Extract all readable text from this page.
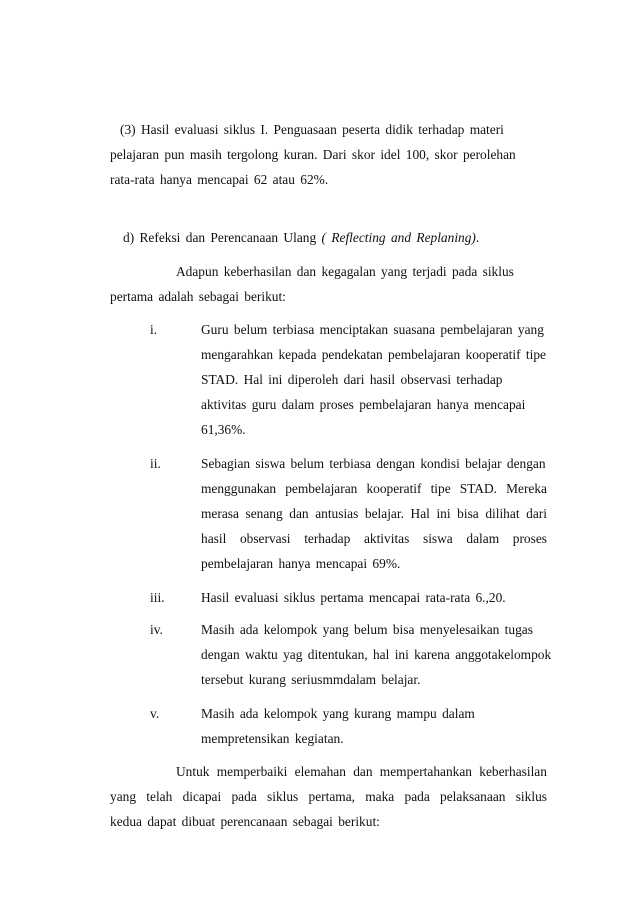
(3) Hasil evaluasi siklus I. Penguasaan peserta didik terhadap materi
pelajaran pun masih tergolong kuran. Dari skor idel 100, skor perolehan
rata-rata hanya mencapai 62 atau 62%.
d) Refeksi dan Perencanaan Ulang ( Reflecting and Replaning).
Adapun keberhasilan dan kegagalan yang terjadi pada siklus
pertama adalah sebagai berikut:
i.	Guru belum terbiasa menciptakan suasana pembelajaran yang
mengarahkan kepada pendekatan pembelajaran kooperatif tipe
STAD. Hal ini diperoleh dari hasil observasi terhadap
aktivitas guru dalam proses pembelajaran hanya mencapai
61,36%.
ii.	Sebagian siswa belum terbiasa dengan kondisi belajar dengan
menggunakan pembelajaran kooperatif tipe STAD. Mereka
merasa senang dan antusias belajar. Hal ini bisa dilihat dari
hasil observasi terhadap aktivitas siswa dalam proses
pembelajaran hanya mencapai 69%.
iii.	Hasil evaluasi siklus pertama mencapai rata-rata 6.,20.
iv.	Masih ada kelompok yang belum bisa menyelesaikan tugas
dengan waktu yag ditentukan, hal ini karena anggotakelompok
tersebut kurang seriusmmdalam belajar.
v.	Masih ada kelompok yang kurang mampu dalam
mempretensikan kegiatan.
Untuk memperbaiki elemahan dan mempertahankan keberhasilan
yang telah dicapai pada siklus pertama, maka pada pelaksanaan siklus
kedua dapat dibuat perencanaan sebagai berikut:
